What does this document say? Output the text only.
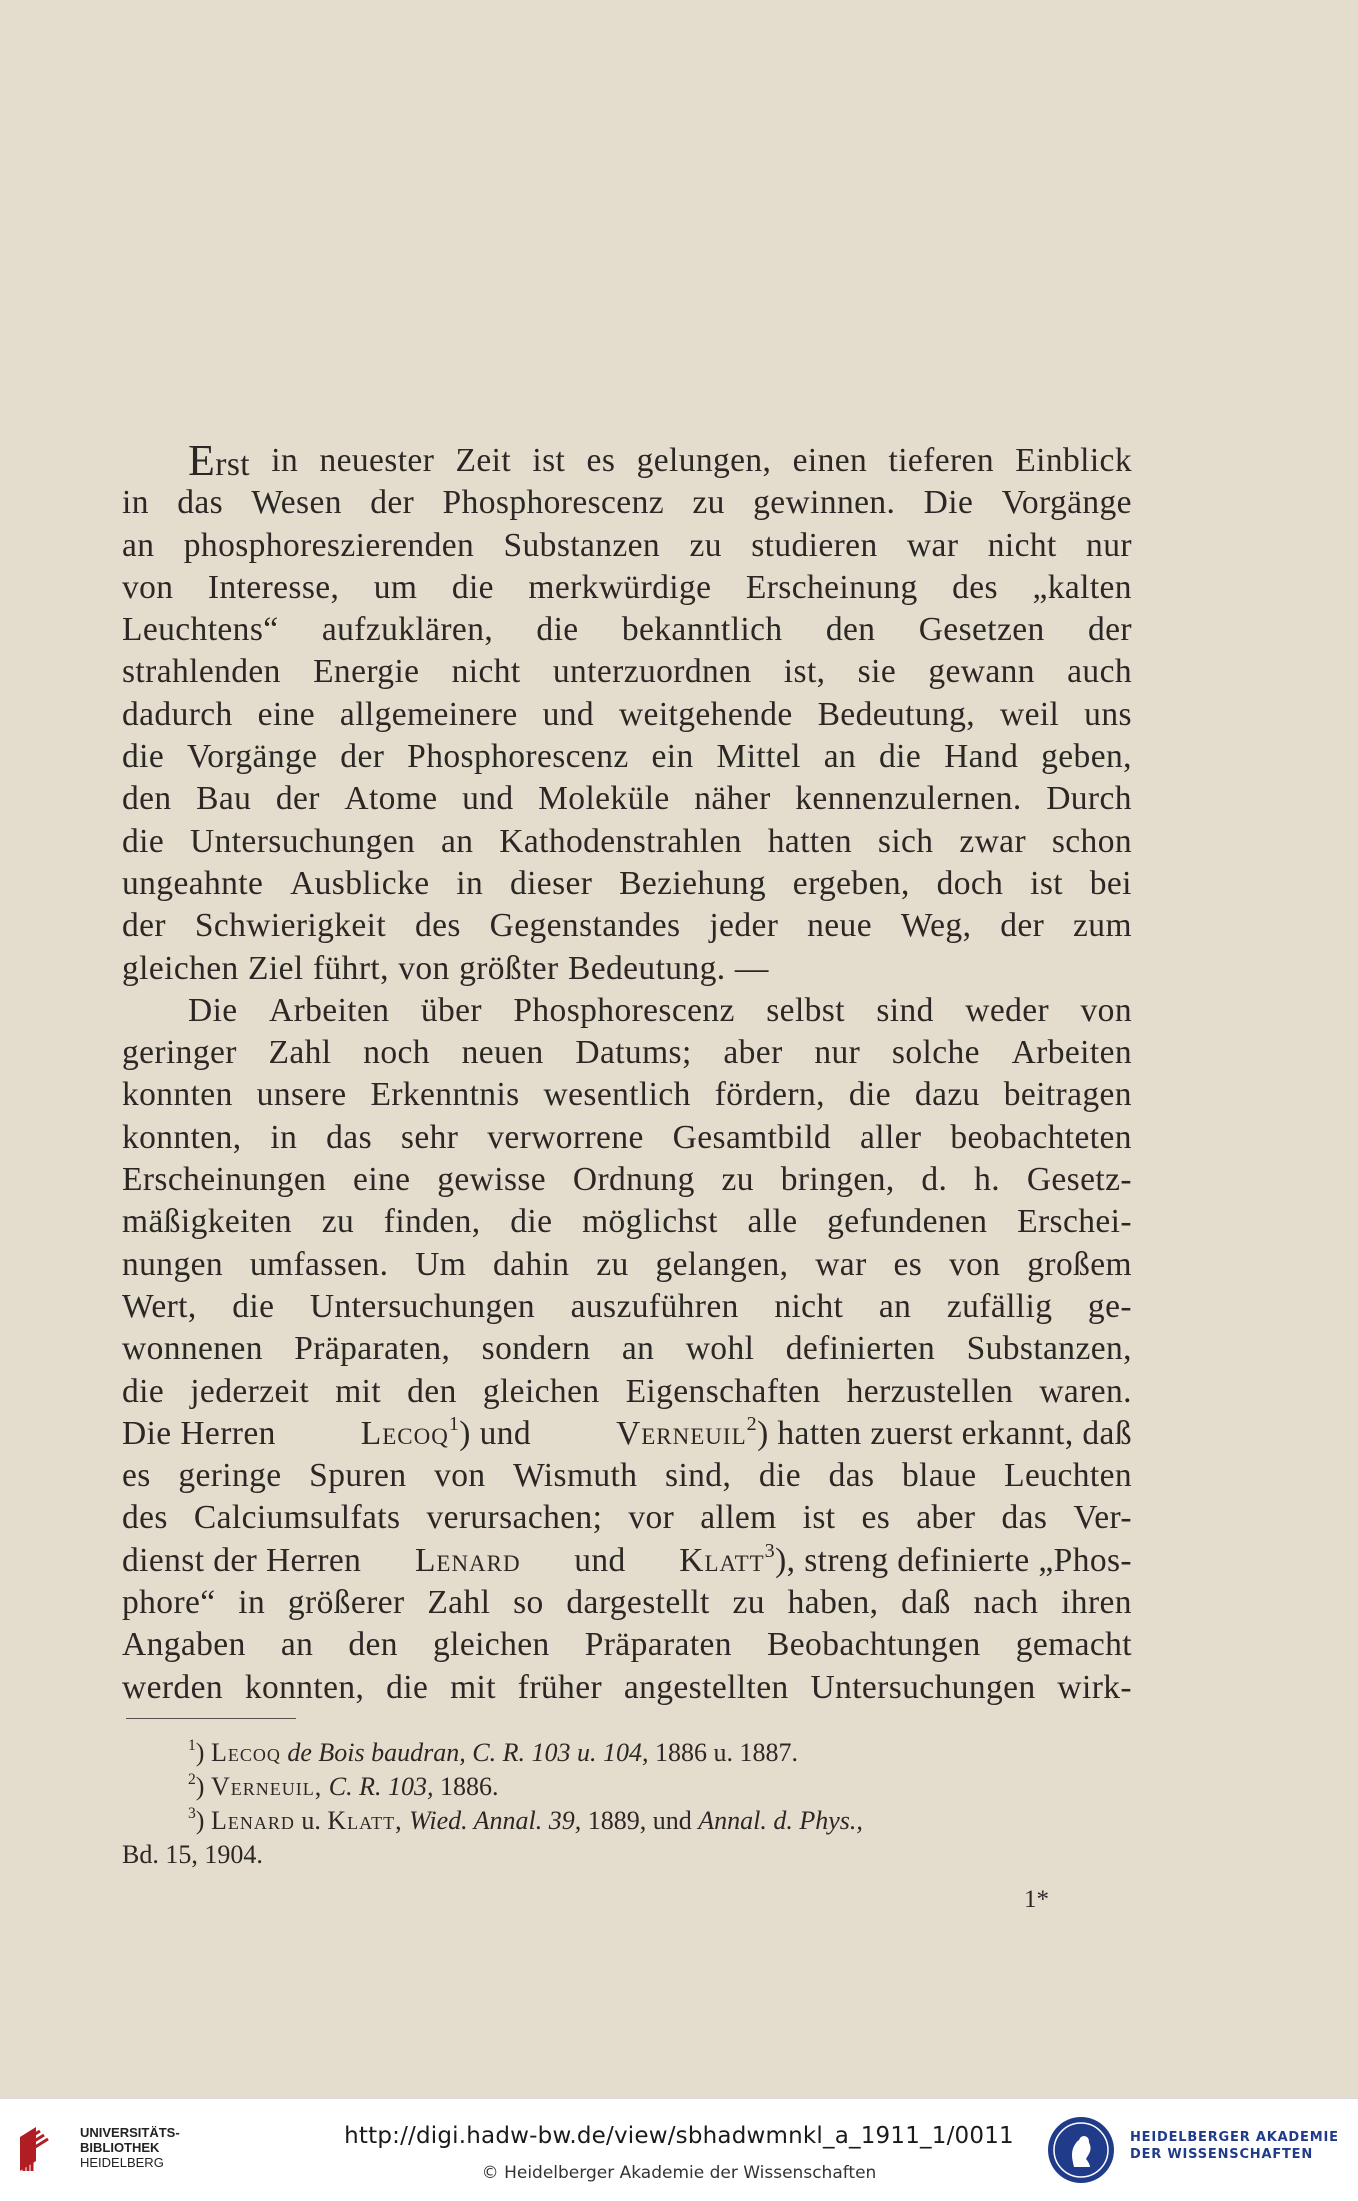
Erst in neuester Zeit ist es gelungen, einen tieferen Einblick
in das Wesen der Phosphorescenz zu gewinnen. Die Vorgänge
an phosphoreszierenden Substanzen zu studieren war nicht nur
von Interesse, um die merkwürdige Erscheinung des „kalten
Leuchtens“ aufzuklären, die bekanntlich den Gesetzen der
strahlenden Energie nicht unterzuordnen ist, sie gewann auch
dadurch eine allgemeinere und weitgehende Bedeutung, weil uns
die Vorgänge der Phosphorescenz ein Mittel an die Hand geben,
den Bau der Atome und Moleküle näher kennenzulernen. Durch
die Untersuchungen an Kathodenstrahlen hatten sich zwar schon
ungeahnte Ausblicke in dieser Beziehung ergeben, doch ist bei
der Schwierigkeit des Gegenstandes jeder neue Weg, der zum
gleichen Ziel führt, von größter Bedeutung. —
Die Arbeiten über Phosphorescenz selbst sind weder von
geringer Zahl noch neuen Datums; aber nur solche Arbeiten
konnten unsere Erkenntnis wesentlich fördern, die dazu beitragen
konnten, in das sehr verworrene Gesamtbild aller beobachteten
Erscheinungen eine gewisse Ordnung zu bringen, d. h. Gesetz-
mäßigkeiten zu finden, die möglichst alle gefundenen Erschei-
nungen umfassen. Um dahin zu gelangen, war es von großem
Wert, die Untersuchungen auszuführen nicht an zufällig ge-
wonnenen Präparaten, sondern an wohl definierten Substanzen,
die jederzeit mit den gleichen Eigenschaften herzustellen waren.
Die Herren	Lecoq$^1$) und	Verneuil$^2$) hatten zuerst erkannt, daß
es geringe Spuren von Wismuth sind, die das blaue Leuchten
des Calciumsulfats verursachen; vor allem ist es aber das Ver-
dienst der Herren Lenard und Klatt$^3$), streng definierte „Phos-
phore“ in größerer Zahl so dargestellt zu haben, daß nach ihren
Angaben an den gleichen Präparaten Beobachtungen gemacht
werden konnten, die mit früher angestellten Untersuchungen wirk-
$^1$) Lecoq de Bois baudran, C. R. 103 u. 104, 1886 u. 1887.
$^2$) Verneuil, C. R. 103, 1886.
$^3$) Lenard u. Klatt, Wied. Annal. 39, 1889, und Annal. d. Phys.,
Bd. 15, 1904.
1*
UNIVERSITÄTS-
BIBLIOTHEK
HEIDELBERG
http://digi.hadw-bw.de/view/sbhadwmnkl_a_1911_1/0011
© Heidelberger Akademie der Wissenschaften
HEIDELBERGER AKADEMIE
DER WISSENSCHAFTEN
